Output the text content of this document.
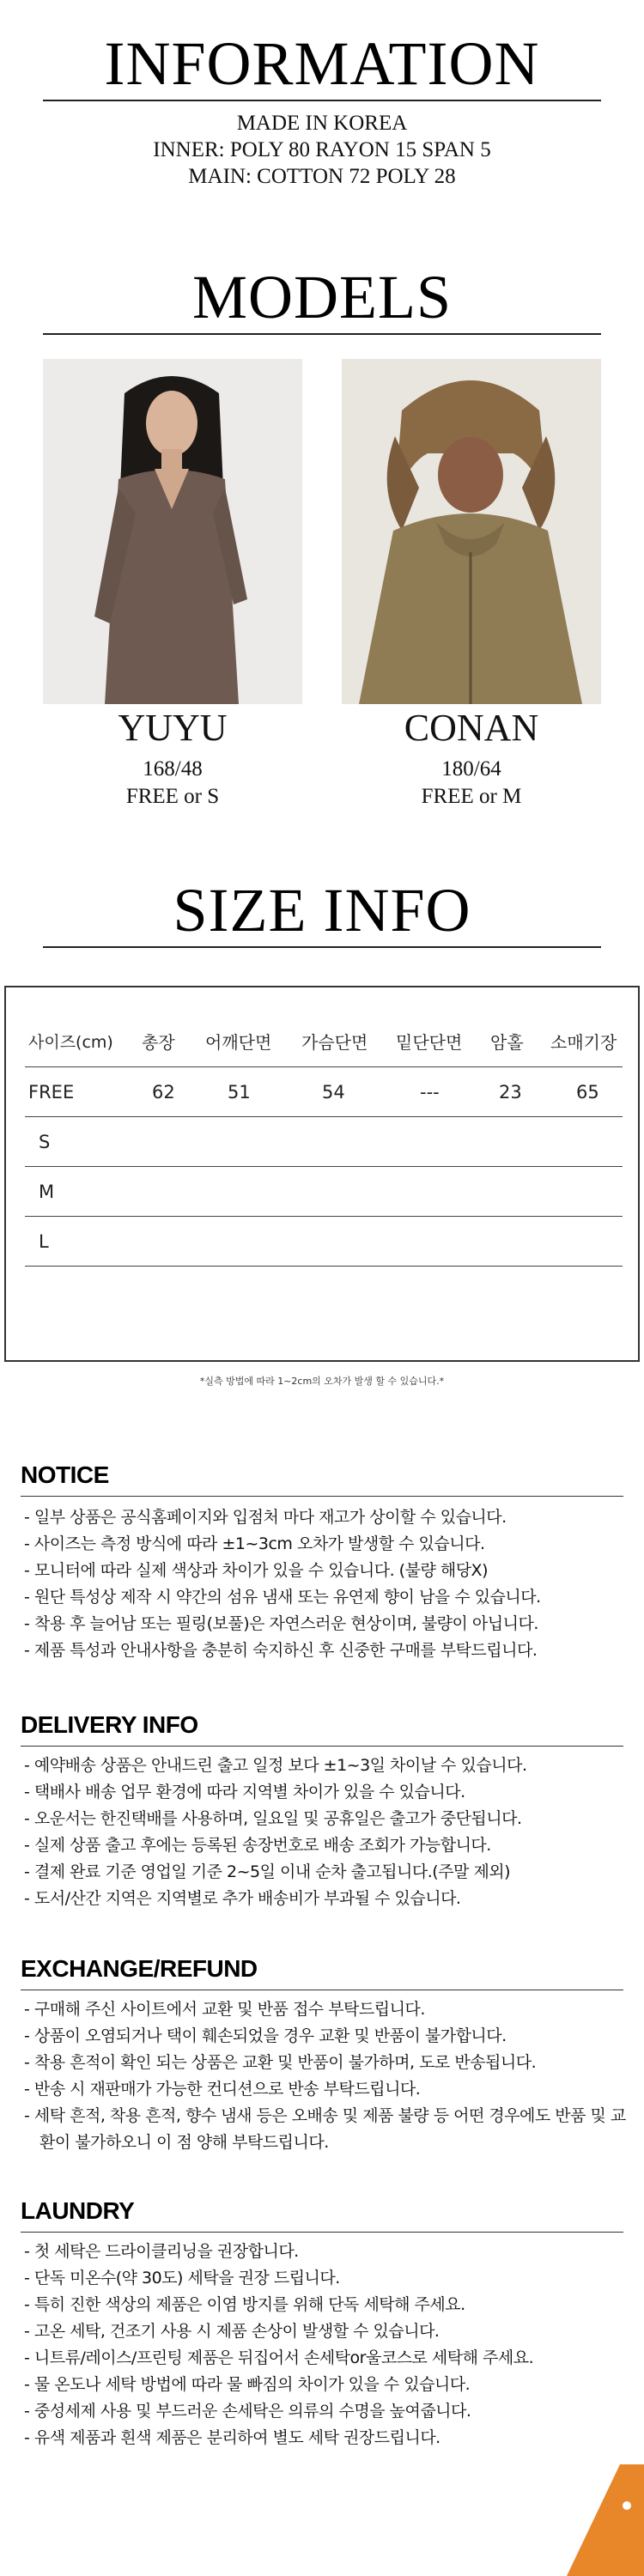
INFORMATION
MADE IN KOREA
INNER: POLY 80 RAYON 15 SPAN 5
MAIN: COTTON 72 POLY 28
MODELS
YUYU
168/48
FREE or S
CONAN
180/64
FREE or M
SIZE INFO
사이즈(cm) 총장 어깨단면 가슴단면 밑단단면 암홀 소매기장
FREE	62	51	54	---	23	65
S
M
L
*실측 방법에 따라 1~2cm의 오차가 발생 할 수 있습니다.*
NOTICE
- 일부 상품은 공식홈페이지와 입점처 마다 재고가 상이할 수 있습니다.
- 사이즈는 측정 방식에 따라 ±1~3cm 오차가 발생할 수 있습니다.
- 모니터에 따라 실제 색상과 차이가 있을 수 있습니다. (불량 해당X)
- 원단 특성상 제작 시 약간의 섬유 냄새 또는 유연제 향이 남을 수 있습니다.
- 착용 후 늘어남 또는 필링(보풀)은 자연스러운 현상이며, 불량이 아닙니다.
- 제품 특성과 안내사항을 충분히 숙지하신 후 신중한 구매를 부탁드립니다.
DELIVERY INFO
- 예약배송 상품은 안내드린 출고 일정 보다 ±1~3일 차이날 수 있습니다.
- 택배사 배송 업무 환경에 따라 지역별 차이가 있을 수 있습니다.
- 오운서는 한진택배를 사용하며, 일요일 및 공휴일은 출고가 중단됩니다.
- 실제 상품 출고 후에는 등록된 송장번호로 배송 조회가 가능합니다.
- 결제 완료 기준 영업일 기준 2~5일 이내 순차 출고됩니다.(주말 제외)
- 도서/산간 지역은 지역별로 추가 배송비가 부과될 수 있습니다.
EXCHANGE/REFUND
- 구매해 주신 사이트에서 교환 및 반품 접수 부탁드립니다.
- 상품이 오염되거나 택이 훼손되었을 경우 교환 및 반품이 불가합니다.
- 착용 흔적이 확인 되는 상품은 교환 및 반품이 불가하며, 도로 반송됩니다.
- 반송 시 재판매가 가능한 컨디션으로 반송 부탁드립니다.
- 세탁 흔적, 착용 흔적, 향수 냄새 등은 오배송 및 제품 불량 등 어떤 경우에도 반품 및 교환이 불가하오니 이 점 양해 부탁드립니다.
LAUNDRY
- 첫 세탁은 드라이클리닝을 권장합니다.
- 단독 미온수(약 30도) 세탁을 권장 드립니다.
- 특히 진한 색상의 제품은 이염 방지를 위해 단독 세탁해 주세요.
- 고온 세탁, 건조기 사용 시 제품 손상이 발생할 수 있습니다.
- 니트류/레이스/프린팅 제품은 뒤집어서 손세탁or울코스로 세탁해 주세요.
- 물 온도나 세탁 방법에 따라 물 빠짐의 차이가 있을 수 있습니다.
- 중성세제 사용 및 부드러운 손세탁은 의류의 수명을 높여줍니다.
- 유색 제품과 흰색 제품은 분리하여 별도 세탁 권장드립니다.
